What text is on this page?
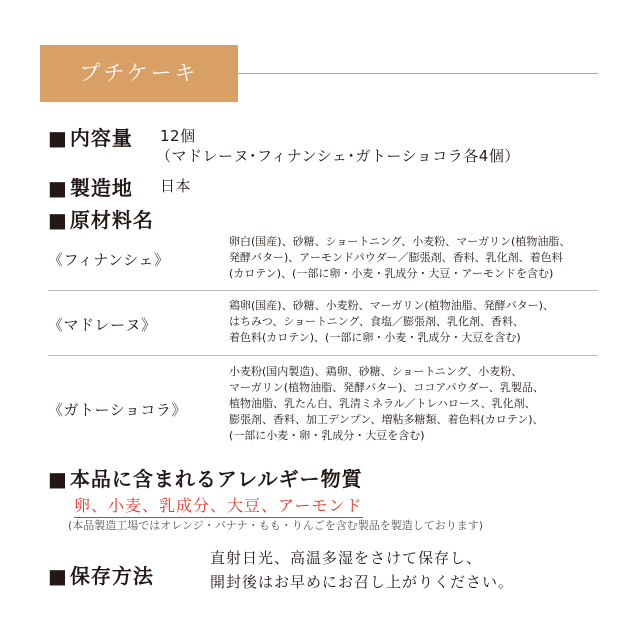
プチケーキ
■ 内容量 12個
（マドレーヌ･フィナンシェ･ガトーショコラ各4個）
■ 製造地 日本
■ 原材料名
《フィナンシェ》
卵白(国産)、砂糖、ショートニング、小麦粉、マーガリン(植物油脂、
発酵バター)、アーモンドパウダー／膨張剤、香料、乳化剤、着色料
(カロテン)、(一部に卵・小麦・乳成分・大豆・アーモンドを含む)
《マドレーヌ》
鶏卵(国産)、砂糖、小麦粉、マーガリン(植物油脂、発酵バター)、
はちみつ、ショートニング、食塩／膨張剤、乳化剤、香料、
着色料(カロテン)、(一部に卵・小麦・乳成分・大豆を含む)
《ガトーショコラ》
小麦粉(国内製造)、鶏卵、砂糖、ショートニング、小麦粉、
マーガリン(植物油脂、発酵バター)、ココアパウダー、乳製品、
植物油脂、乳たん白、乳清ミネラル／トレハロース、乳化剤、
膨張剤、香料、加工デンプン、増粘多糖類、着色料(カロテン)、
(一部に小麦・卵・乳成分・大豆を含む)
■ 本品に含まれるアレルギー物質
卵、小麦、乳成分、大豆、アーモンド
(本品製造工場ではオレンジ・バナナ・もも・りんごを含む製品を製造しております)
■ 保存方法
直射日光、高温多湿をさけて保存し、
開封後はお早めにお召し上がりください。
